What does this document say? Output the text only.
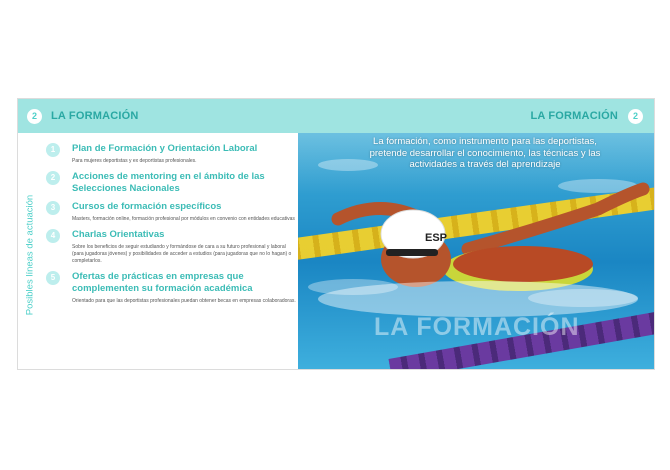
2	LA FORMACIÓN
Posibles líneas de actuación
1	Plan de Formación y Orientación Laboral
Para mujeres deportistas y ex deportistas profesionales.
2	Acciones de mentoring en el ámbito de las Selecciones Nacionales
3	Cursos de formación específicos
Masters, formación online, formación profesional por módulos en convenio con entidades educativas
4	Charlas Orientativas
Sobre los beneficios de seguir estudiando y formándose de cara a su futuro profesional y laboral (para jugadoras jóvenes) y posibilidades de acceder a estudios (para jugadoras que no lo hagan) o completarlos.
5	Ofertas de prácticas en empresas que complementen su formación académica
Orientado para que las deportistas profesionales puedan obtener becas en empresas colaboradoras.
ESP
LA FORMACIÓN	2
La formación, como instrumento para las deportistas, pretende desarrollar el conocimiento, las técnicas y las actividades a través del aprendizaje
LA FORMACIÓN
